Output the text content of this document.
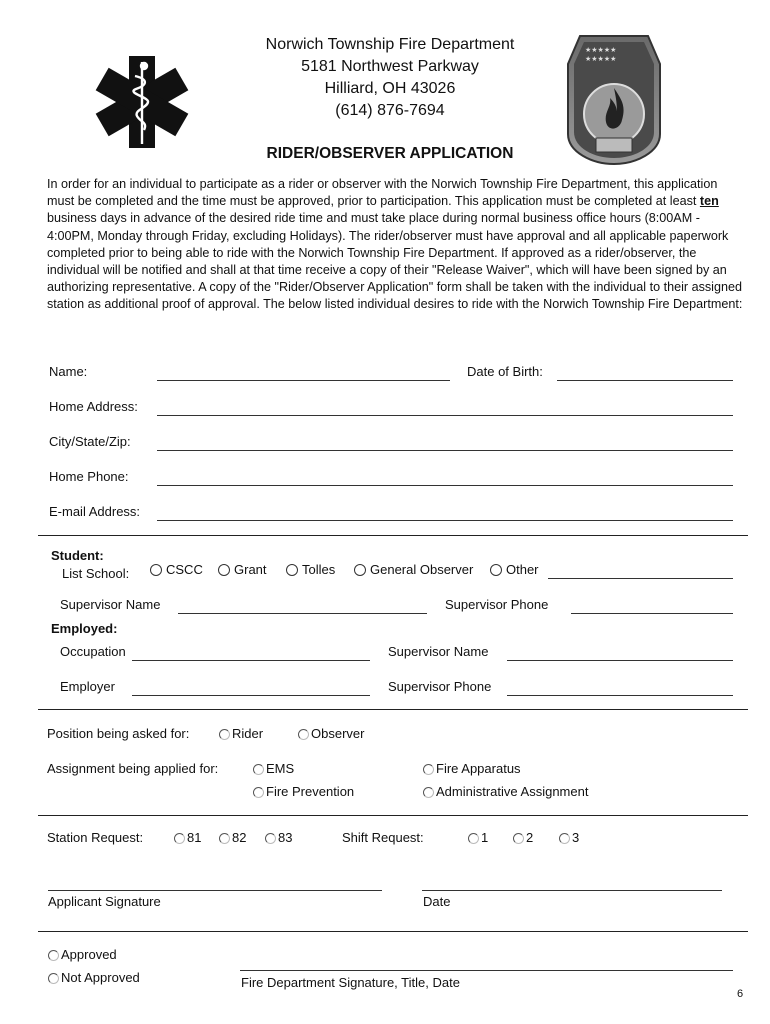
★★★★★
★★★★★
Norwich Township Fire Department
5181 Northwest Parkway
Hilliard, OH 43026
(614) 876-7694
RIDER/OBSERVER APPLICATION
In order for an individual to participate as a rider or observer with the Norwich Township Fire Department, this application must be completed and the time must be approved, prior to participation. This application must be completed at least ten business days in advance of the desired ride time and must take place during normal business office hours (8:00AM - 4:00PM, Monday through Friday, excluding Holidays). The rider/observer must have approval and all applicable paperwork completed prior to being able to ride with the Norwich Township Fire Department. If approved as a rider/observer, the individual will be notified and shall at that time receive a copy of their "Release Waiver", which will have been signed by an authorizing representative. A copy of the "Rider/Observer Application" form shall be taken with the individual to their assigned station as additional proof of approval. The below listed individual desires to ride with the Norwich Township Fire Department:
Name:	Date of Birth:
Home Address:
City/State/Zip:
Home Phone:
E-mail Address:
Student:
List School:	CSCC	Grant	Tolles	General Observer	Other
Supervisor Name	Supervisor Phone
Employed:
Occupation	Supervisor Name
Employer	Supervisor Phone
Position being asked for:	Rider	Observer
Assignment being applied for:	EMS	Fire Apparatus
Fire Prevention	Administrative Assignment
Station Request:	81	82	83	Shift Request:	1	2	3
Applicant Signature	Date
Approved
Not Approved	Fire Department Signature, Title, Date
6
